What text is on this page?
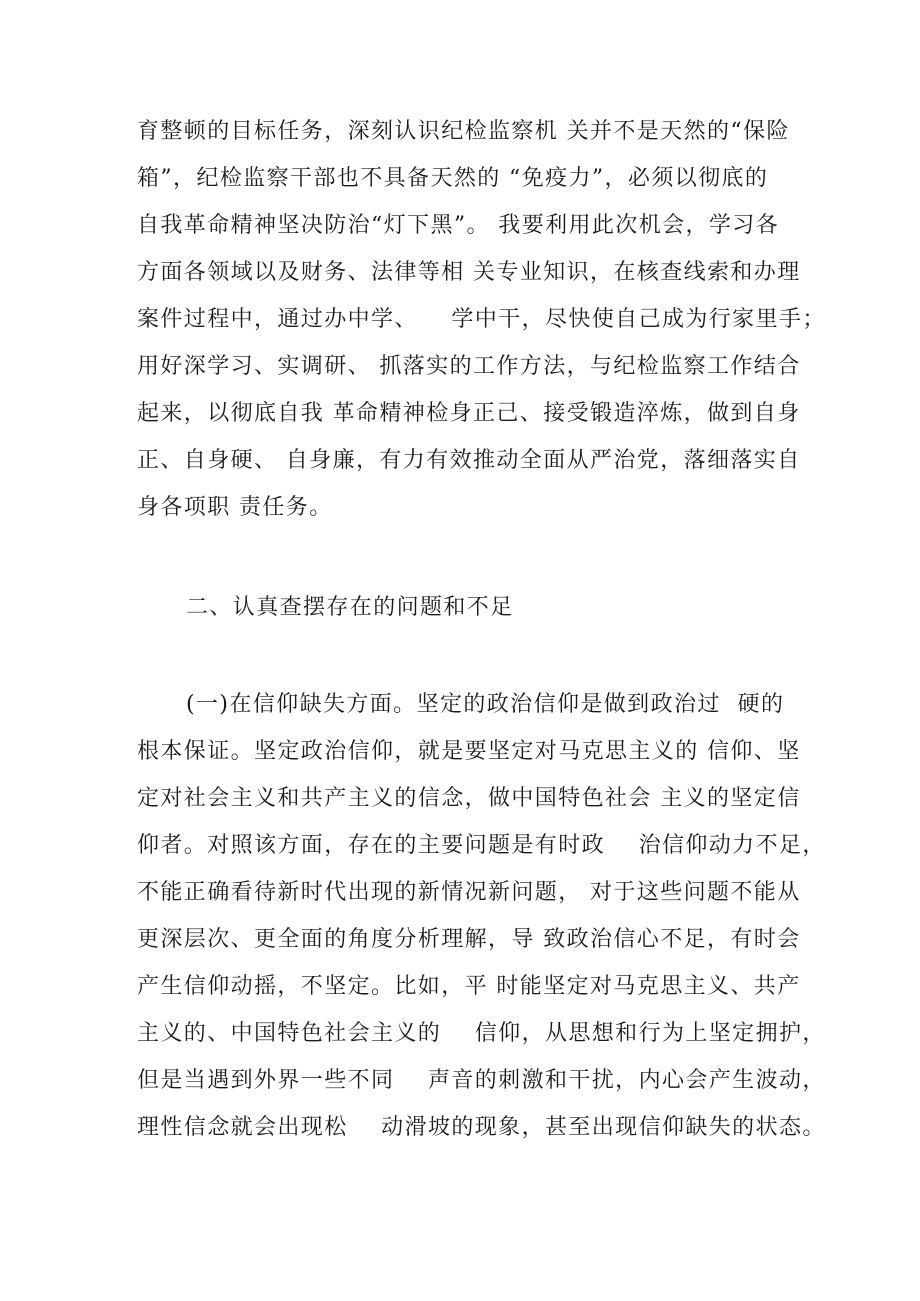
育整顿的目标任务，深刻认识纪检监察机 关并不是天然的“保险
箱”，纪检监察干部也不具备天然的 “免疫力”，必须以彻底的
自我革命精神坚决防治“灯下黑”。 我要利用此次机会，学习各
方面各领域以及财务、法律等相 关专业知识，在核查线索和办理
案件过程中，通过办中学、    学中干，尽快使自己成为行家里手；
用好深学习、实调研、 抓落实的工作方法，与纪检监察工作结合
起来，以彻底自我 革命精神检身正己、接受锻造淬炼，做到自身
正、自身硬、 自身廉，有力有效推动全面从严治党，落细落实自
身各项职 责任务。
二、认真查摆存在的问题和不足
(一)在信仰缺失方面。坚定的政治信仰是做到政治过  硬的
根本保证。坚定政治信仰，就是要坚定对马克思主义的 信仰、坚
定对社会主义和共产主义的信念，做中国特色社会 主义的坚定信
仰者。对照该方面，存在的主要问题是有时政    治信仰动力不足，
不能正确看待新时代出现的新情况新问题， 对于这些问题不能从
更深层次、更全面的角度分析理解，导 致政治信心不足，有时会
产生信仰动摇，不坚定。比如，平 时能坚定对马克思主义、共产
主义的、中国特色社会主义的    信仰，从思想和行为上坚定拥护，
但是当遇到外界一些不同    声音的刺激和干扰，内心会产生波动，
理性信念就会出现松    动滑坡的现象，甚至出现信仰缺失的状态。
